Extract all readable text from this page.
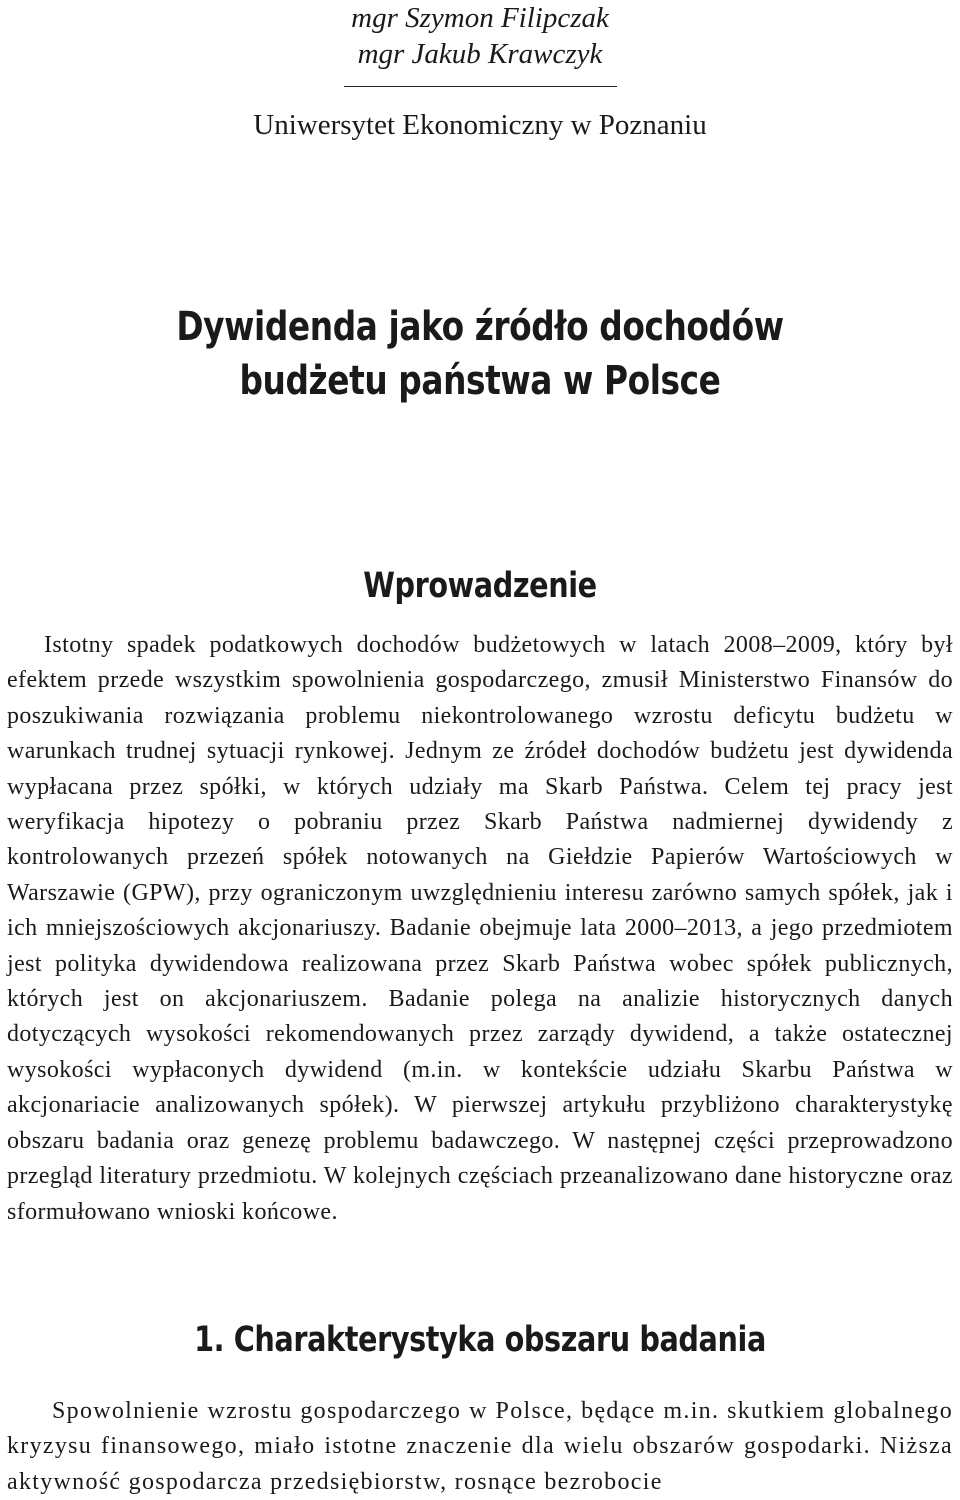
mgr Szymon Filipczak
mgr Jakub Krawczyk
Uniwersytet Ekonomiczny w Poznaniu
Dywidenda jako źródło dochodów
budżetu państwa w Polsce
Wprowadzenie
Istotny spadek podatkowych dochodów budżetowych w latach 2008–2009, który był efektem przede wszystkim spowolnienia gospodarczego, zmusił Ministerstwo Finansów do poszukiwania rozwiązania problemu niekontrolowanego wzrostu deficytu budżetu w warunkach trudnej sytuacji rynkowej. Jednym ze źródeł dochodów budżetu jest dywidenda wypłacana przez spółki, w których udziały ma Skarb Państwa. Celem tej pracy jest weryfikacja hipotezy o pobraniu przez Skarb Państwa nadmiernej dywidendy z kontrolowanych przezeń spółek notowanych na Giełdzie Papierów Wartościowych w Warszawie (GPW), przy ograniczonym uwzględnieniu interesu zarówno samych spółek, jak i ich mniejszościowych akcjonariuszy. Badanie obejmuje lata 2000–2013, a jego przedmiotem jest polityka dywidendowa realizowana przez Skarb Państwa wobec spółek publicznych, których jest on akcjonariuszem. Badanie polega na analizie historycznych danych dotyczących wysokości rekomendowanych przez zarządy dywidend, a także ostatecznej wysokości wypłaconych dywidend (m.in. w kontekście udziału Skarbu Państwa w akcjonariacie analizowanych spółek). W pierwszej artykułu przybliżono charakterystykę obszaru badania oraz genezę problemu badawczego. W następnej części przeprowadzono przegląd literatury przedmiotu. W kolejnych częściach przeanalizowano dane historyczne oraz sformułowano wnioski końcowe.
1. Charakterystyka obszaru badania
Spowolnienie wzrostu gospodarczego w Polsce, będące m.in. skutkiem globalnego kryzysu finansowego, miało istotne znaczenie dla wielu obszarów gospodarki. Niższa aktywność gospodarcza przedsiębiorstw, rosnące bezrobocie
